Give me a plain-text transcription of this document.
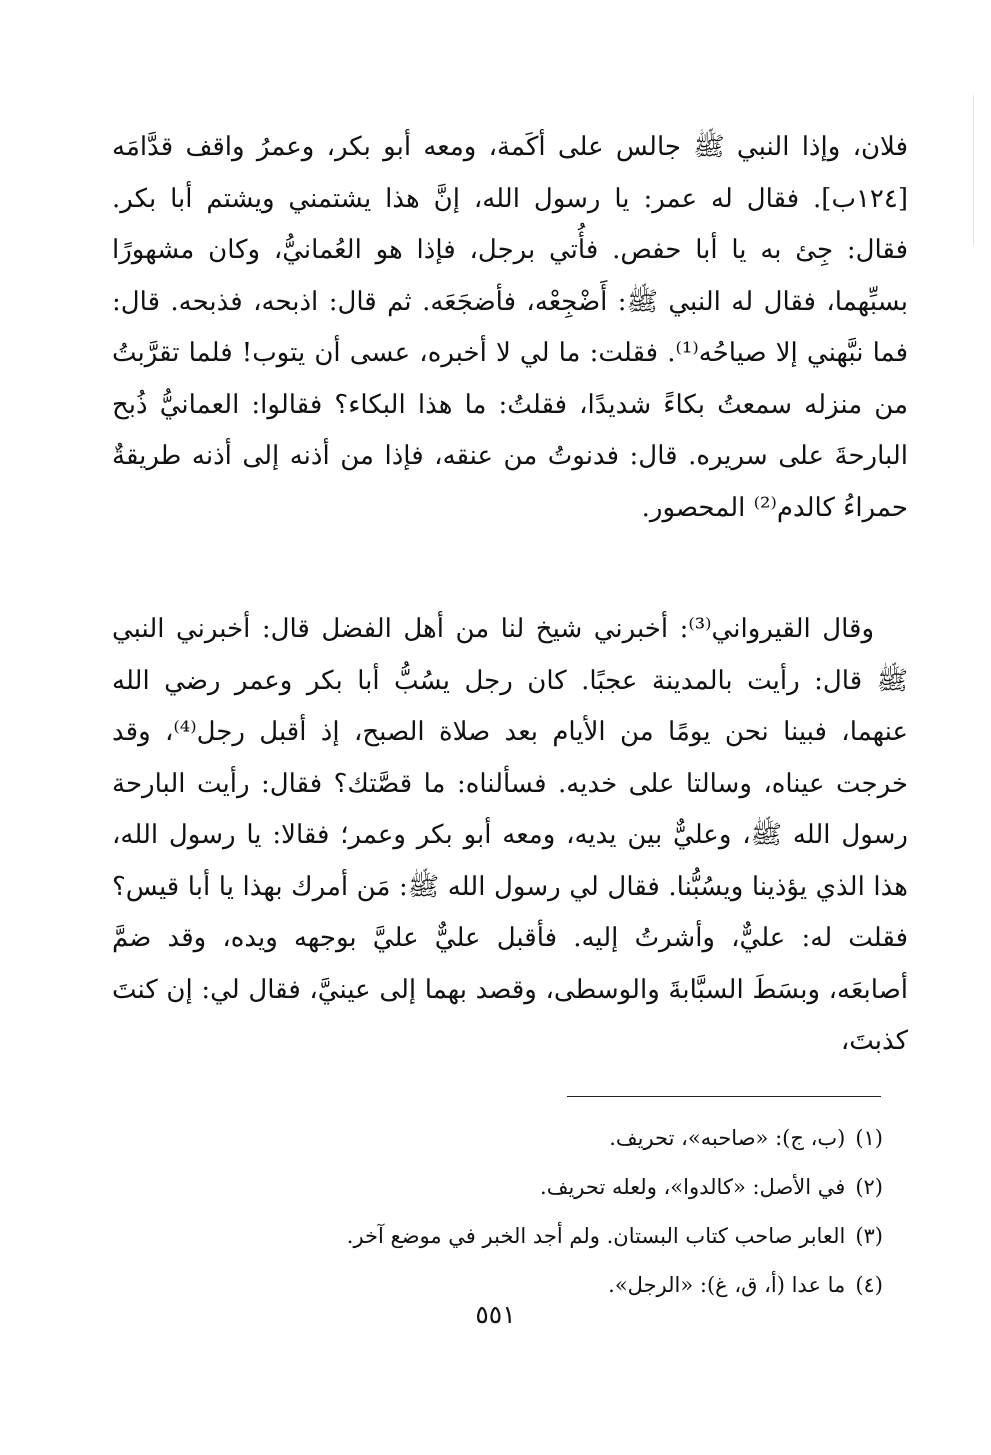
فلان، وإذا النبي ﷺ جالس على أكَمة، ومعه أبو بكر، وعمرُ واقف قدَّامَه [١٢٤ب]. فقال له عمر: يا رسول الله، إنَّ هذا يشتمني ويشتم أبا بكر. فقال: جِئ به يا أبا حفص. فأُتي برجل، فإذا هو العُمانيُّ، وكان مشهورًا بسبِّهما، فقال له النبي ﷺ: أَضْجِعْه، فأضجَعَه. ثم قال: اذبحه، فذبحه. قال: فما نبَّهني إلا صياحُه⁽¹⁾. فقلت: ما لي لا أخبره، عسى أن يتوب! فلما تقرَّبتُ من منزله سمعتُ بكاءً شديدًا، فقلتُ: ما هذا البكاء؟ فقالوا: العمانيُّ ذُبح البارحةَ على سريره. قال: فدنوتُ من عنقه، فإذا من أذنه إلى أذنه طريقةٌ حمراءُ كالدم⁽²⁾ المحصور.

وقال القيرواني⁽³⁾: أخبرني شيخ لنا من أهل الفضل قال: أخبرني النبي ﷺ قال: رأيت بالمدينة عجبًا. كان رجل يسُبُّ أبا بكر وعمر رضي الله عنهما، فبينا نحن يومًا من الأيام بعد صلاة الصبح، إذ أقبل رجل⁽⁴⁾، وقد خرجت عيناه، وسالتا على خديه. فسألناه: ما قصَّتك؟ فقال: رأيت البارحة رسول الله ﷺ، وعليٌّ بين يديه، ومعه أبو بكر وعمر؛ فقالا: يا رسول الله، هذا الذي يؤذينا ويسُبُّنا. فقال لي رسول الله ﷺ: مَن أمرك بهذا يا أبا قيس؟ فقلت له: عليٌّ، وأشرتُ إليه. فأقبل عليٌّ عليَّ بوجهه ويده، وقد ضمَّ أصابعَه، وبسَطَ السبَّابةَ والوسطى، وقصد بهما إلى عينيَّ، فقال لي: إن كنتَ كذبتَ،

(١)(ب، ج): «صاحبه»، تحريف.
(٢)في الأصل: «كالدوا»، ولعله تحريف.
(٣)العابر صاحب كتاب البستان. ولم أجد الخبر في موضع آخر.
(٤)ما عدا (أ، ق، غ): «الرجل».
٥٥١
